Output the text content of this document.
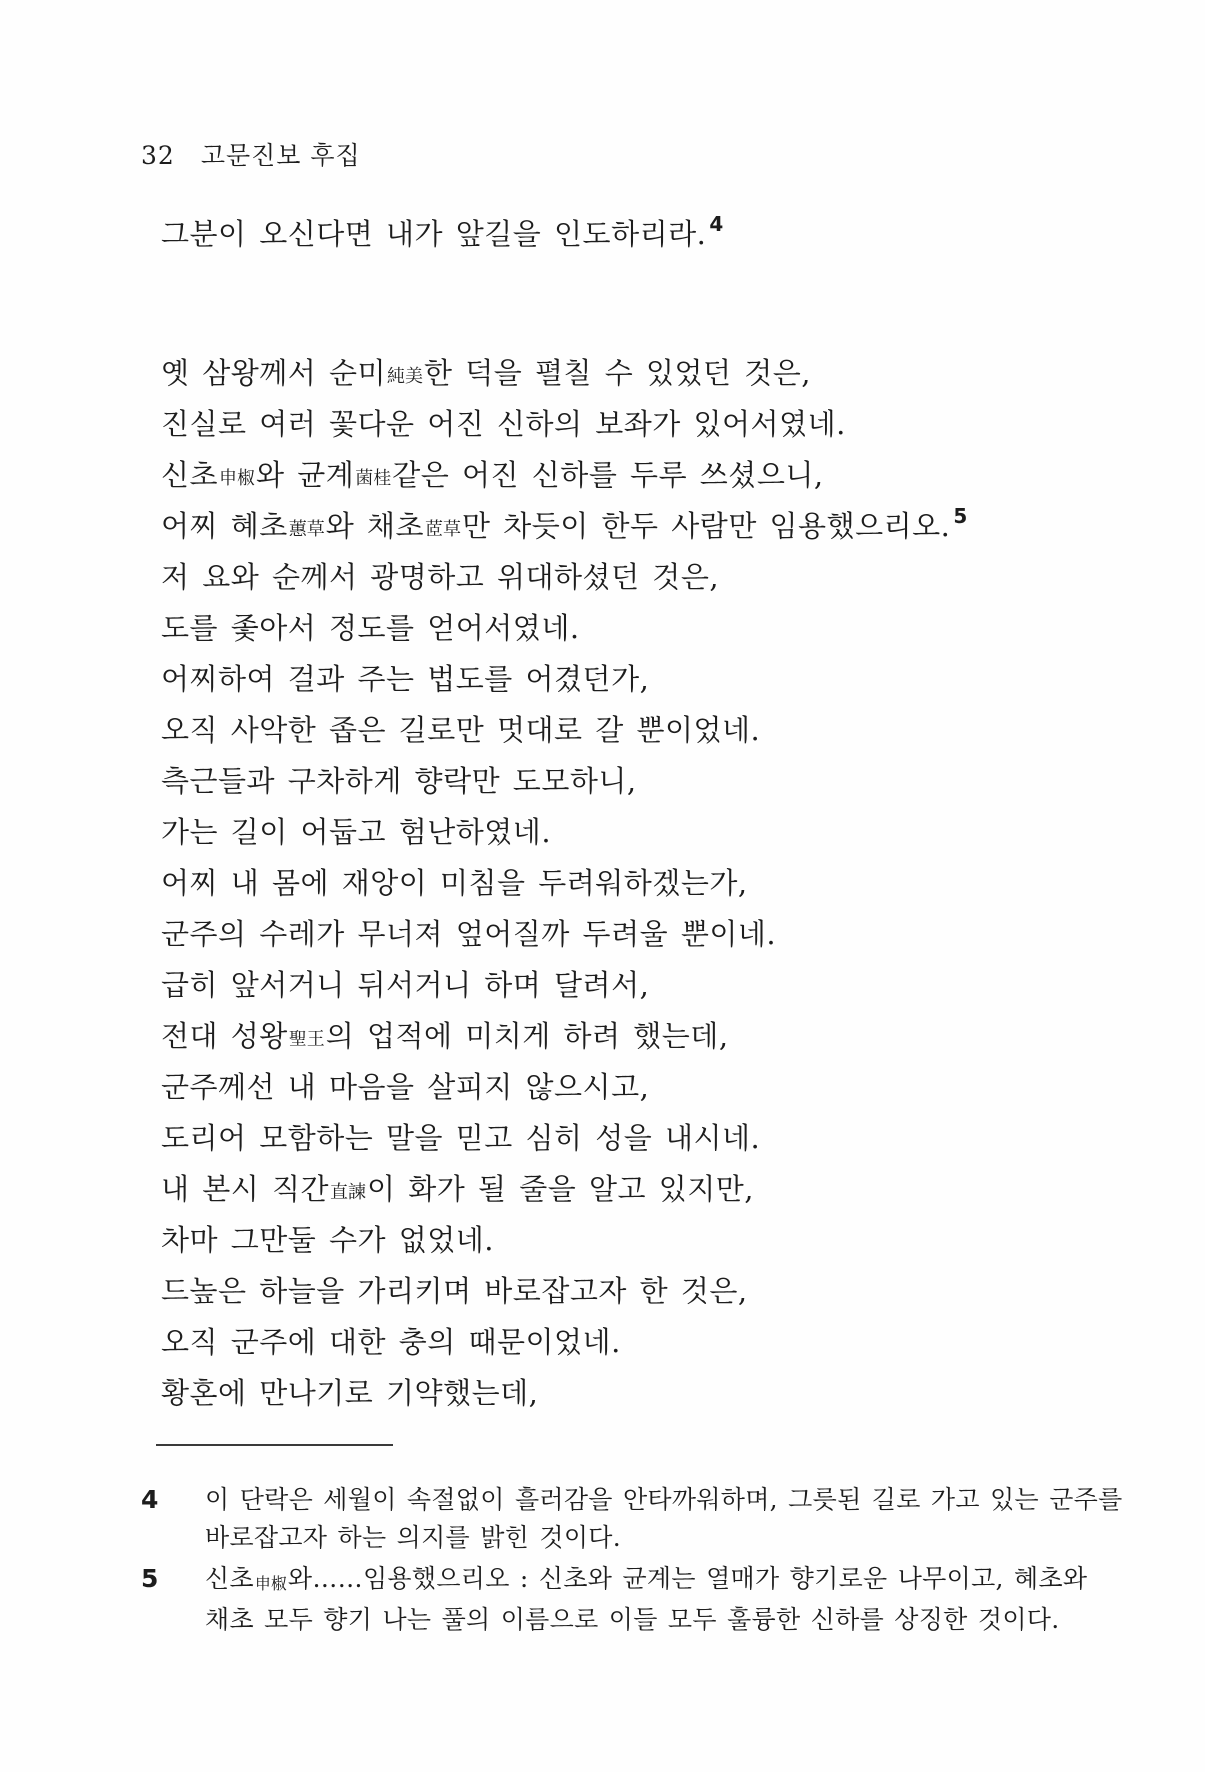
32 고문진보 후집
그분이 오신다면 내가 앞길을 인도하리라. 4
옛 삼왕께서 순미 純美 한 덕을 펼칠 수 있었던 것은,
진실로 여러 꽃다운 어진 신하의 보좌가 있어서였네.
신초 申椒 와 균계 菌桂 같은 어진 신하를 두루 쓰셨으니,
어찌 혜초 蕙草 와 채초 茝草 만 차듯이 한두 사람만 임용했으리오. 5
저 요와 순께서 광명하고 위대하셨던 것은,
도를 좇아서 정도를 얻어서였네.
어찌하여 걸과 주는 법도를 어겼던가,
오직 사악한 좁은 길로만 멋대로 갈 뿐이었네.
측근들과 구차하게 향락만 도모하니,
가는 길이 어둡고 험난하였네.
어찌 내 몸에 재앙이 미침을 두려워하겠는가,
군주의 수레가 무너져 엎어질까 두려울 뿐이네.
급히 앞서거니 뒤서거니 하며 달려서,
전대 성왕 聖王 의 업적에 미치게 하려 했는데,
군주께선 내 마음을 살피지 않으시고,
도리어 모함하는 말을 믿고 심히 성을 내시네.
내 본시 직간 直諫 이 화가 될 줄을 알고 있지만,
차마 그만둘 수가 없었네.
드높은 하늘을 가리키며 바로잡고자 한 것은,
오직 군주에 대한 충의 때문이었네.
황혼에 만나기로 기약했는데,
4	이 단락은 세월이 속절없이 흘러감을 안타까워하며, 그릇된 길로 가고 있는 군주를
바로잡고자 하는 의지를 밝힌 것이다.
5	신초申椒와……임용했으리오 : 신초와 균계는 열매가 향기로운 나무이고, 혜초와
채초 모두 향기 나는 풀의 이름으로 이들 모두 훌륭한 신하를 상징한 것이다.
